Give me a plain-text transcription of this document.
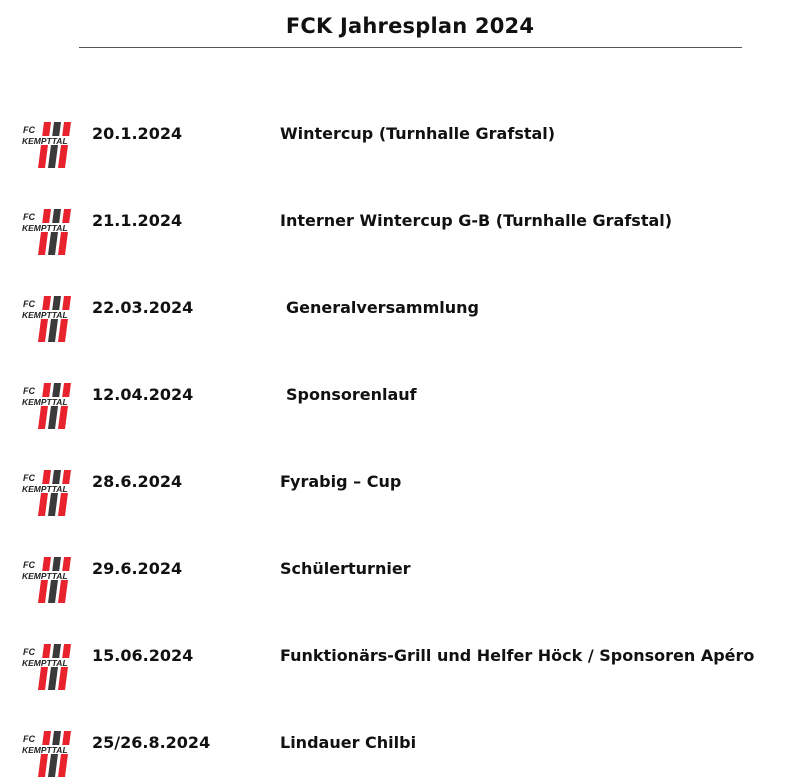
FCK Jahresplan 2024
FC
KEMPTTAL 20.1.2024	Wintercup (Turnhalle Grafstal)
FC
KEMPTTAL 21.1.2024	Interner Wintercup G-B (Turnhalle Grafstal)
FC
KEMPTTAL 22.03.2024	Generalversammlung
FC
KEMPTTAL 12.04.2024	Sponsorenlauf
FC
KEMPTTAL 28.6.2024	Fyrabig – Cup
FC
KEMPTTAL 29.6.2024	Schülerturnier
FC
KEMPTTAL 15.06.2024	Funktionärs-Grill und Helfer Höck / Sponsoren Apéro
FC
KEMPTTAL 25/26.8.2024	Lindauer Chilbi
